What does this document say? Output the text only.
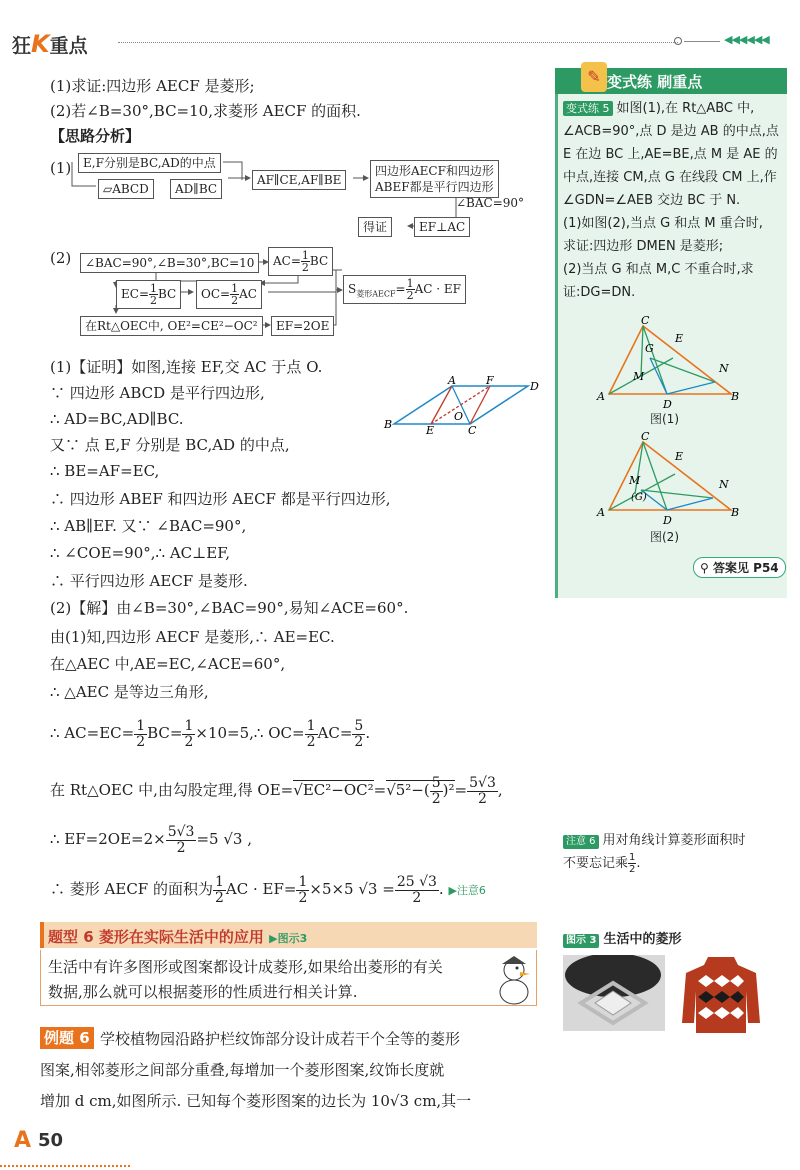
狂K重点	◀◀◀◀◀◀
(1)求证:四边形 AECF 是菱形;
(2)若∠B=30°,BC=10,求菱形 AECF 的面积.
【思路分析】
(1) E,F分别是BC,AD的中点
▱ABCD	AD∥BC
AF∥CE,AF∥BE
四边形AECF和四边形
ABEF都是平行四边形
∠BAC=90°
EF⊥AC
得证
(2)	∠BAC=90°,∠B=30°,BC=10	$AC= \frac{1}{2}$ BC
$EC= \frac{1}{2}$ BC	$OC= \frac{1}{2}$ AC	$S_{菱形AECF}= \frac{1}{2}$ AC · EF
在Rt△OEC中, OE²=CE²−OC²	EF=2OE
(1)【证明】如图,连接 EF,交 AC 于点 O.
∵ 四边形 ABCD 是平行四边形,
∴ AD=BC,AD∥BC.
又∵ 点 E,F 分别是 BC,AD 的中点,
∴ BE=AF=EC,
∴ 四边形 ABEF 和四边形 AECF 都是平行四边形,
∴ AB∥EF. 又∵ ∠BAC=90°,
∴ ∠COE=90°,∴ AC⊥EF,
∴ 平行四边形 AECF 是菱形.
(2)【解】由∠B=30°,∠BAC=90°,易知∠ACE=60°.
由(1)知,四边形 AECF 是菱形,∴ AE=EC.
在△AEC 中,AE=EC,∠ACE=60°,
∴ △AEC 是等边三角形,
A	F	D
B	E
O
C
∴ $AC=EC= \frac{1}{2} BC= \frac{1}{2}$ ×10=5,∴ $OC= \frac{1}{2} AC= \frac{5}{2}$ .
在 Rt△OEC 中,由勾股定理,得 $OE=√EC^2-OC^2=√5^2-( \frac{5}{2} )^2= \frac{5√3}{2}$ ,
∴ $EF=2OE=2\times \frac{5√3}{2} =5$ √3 ,
∴ 菱形 AECF 的面积为 $\frac{1}{2}$ AC · $EF= \frac{1}{2} \times 5\times 5$ $√3 = \frac{25 √3}{2}$ . ▶注意6
题型 6 菱形在实际生活中的应用 ▶图示3
生活中有许多图形或图案都设计成菱形,如果给出菱形的有关
数据,那么就可以根据菱形的性质进行相关计算.
例题 6 学校植物园沿路护栏纹饰部分设计成若干个全等的菱形
图案,相邻菱形之间部分重叠,每增加一个菱形图案,纹饰长度就
增加 d cm,如图所示. 已知每个菱形图案的边长为 10√3 cm,其一
A 50
变式练 刷重点
✎
变式练 5 如图(1),在 Rt△ABC 中,
∠ACB=90°,点 D 是边 AB 的中点,点
E 在边 BC 上,AE=BE,点 M 是 AE 的
中点,连接 CM,点 G 在线段 CM 上,作
∠GDN=∠AEB 交边 BC 于 N.
(1)如图(2),当点 G 和点 M 重合时,
求证:四边形 DMEN 是菱形;
(2)当点 G 和点 M,C 不重合时,求
证:DG=DN.
C
G
E
M
N
A
D
B
图(1)
C
E
M
(G)
N
A
D
B
图(2)
⚲ 答案见 P54
注意 6 用对角线计算菱形面积时
不要忘记乘 $\frac{1}{2}$ .
图示 3 生活中的菱形
